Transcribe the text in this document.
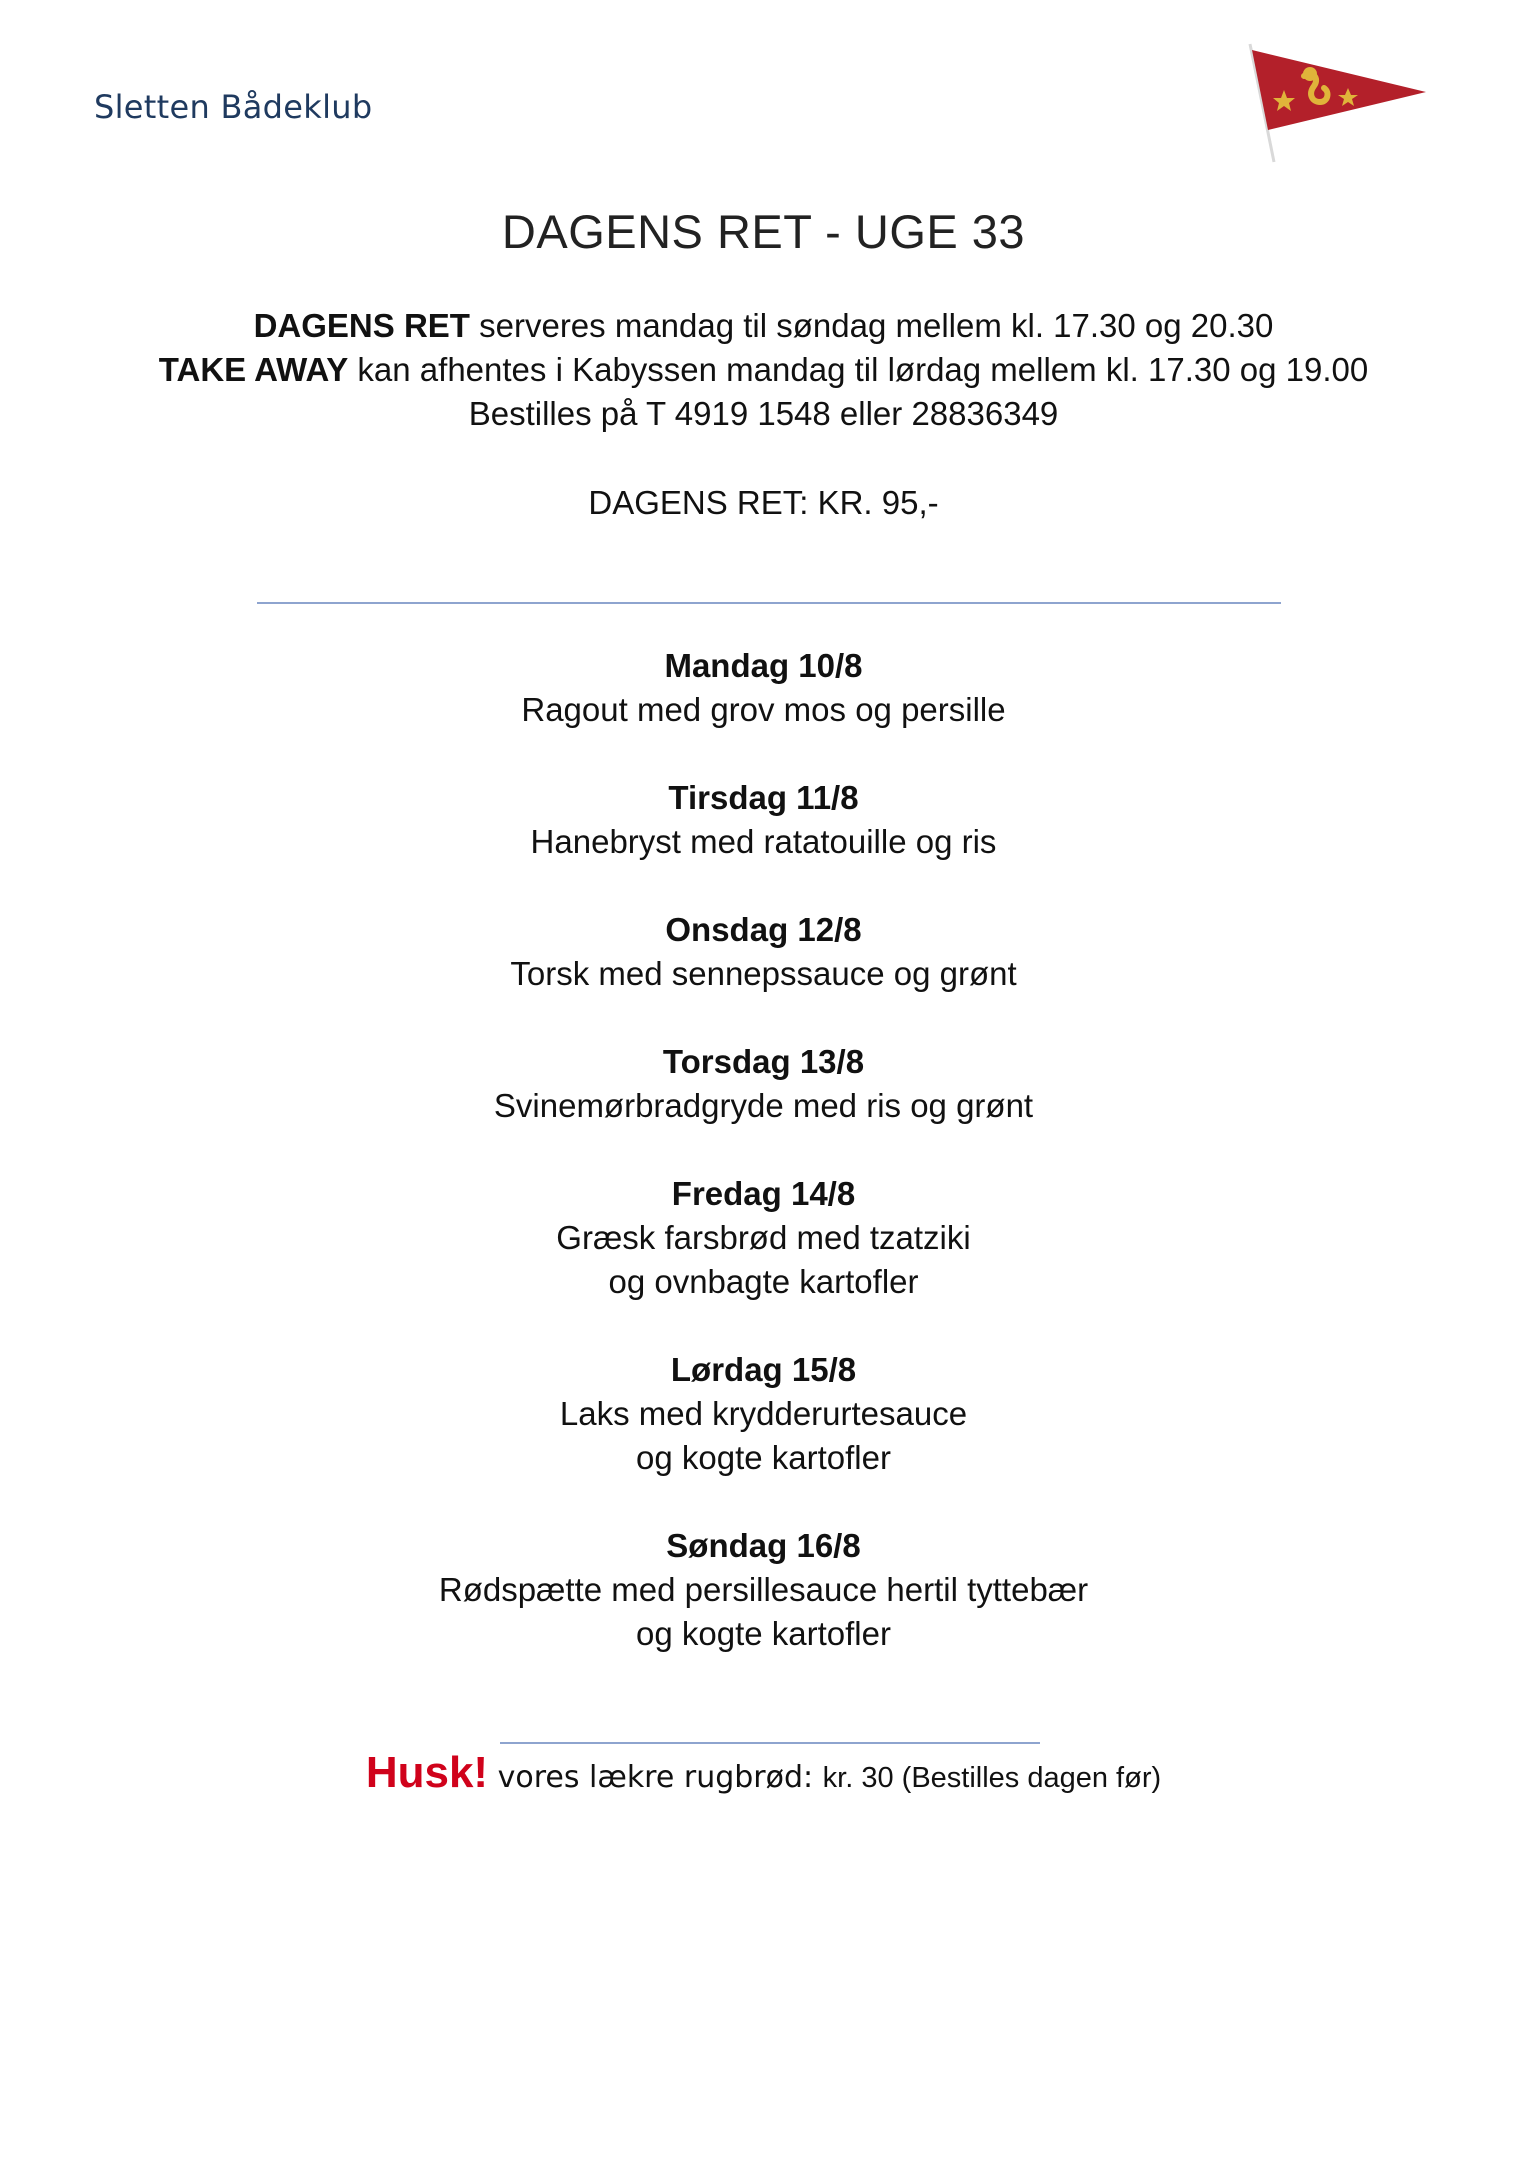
Sletten Bådeklub
DAGENS RET - UGE 33
DAGENS RET serveres mandag til søndag mellem kl. 17.30 og 20.30
TAKE AWAY kan afhentes i Kabyssen mandag til lørdag mellem kl. 17.30 og 19.00
Bestilles på T 4919 1548 eller 28836349
DAGENS RET: KR. 95,-
Mandag 10/8
Ragout med grov mos og persille
Tirsdag 11/8
Hanebryst med ratatouille og ris
Onsdag 12/8
Torsk med sennepssauce og grønt
Torsdag 13/8
Svinemørbradgryde med ris og grønt
Fredag 14/8
Græsk farsbrød med tzatziki
og ovnbagte kartofler
Lørdag 15/8
Laks med krydderurtesauce
og kogte kartofler
Søndag 16/8
Rødspætte med persillesauce hertil tyttebær
og kogte kartofler
Husk! vores lækre rugbrød: kr. 30 (Bestilles dagen før)
